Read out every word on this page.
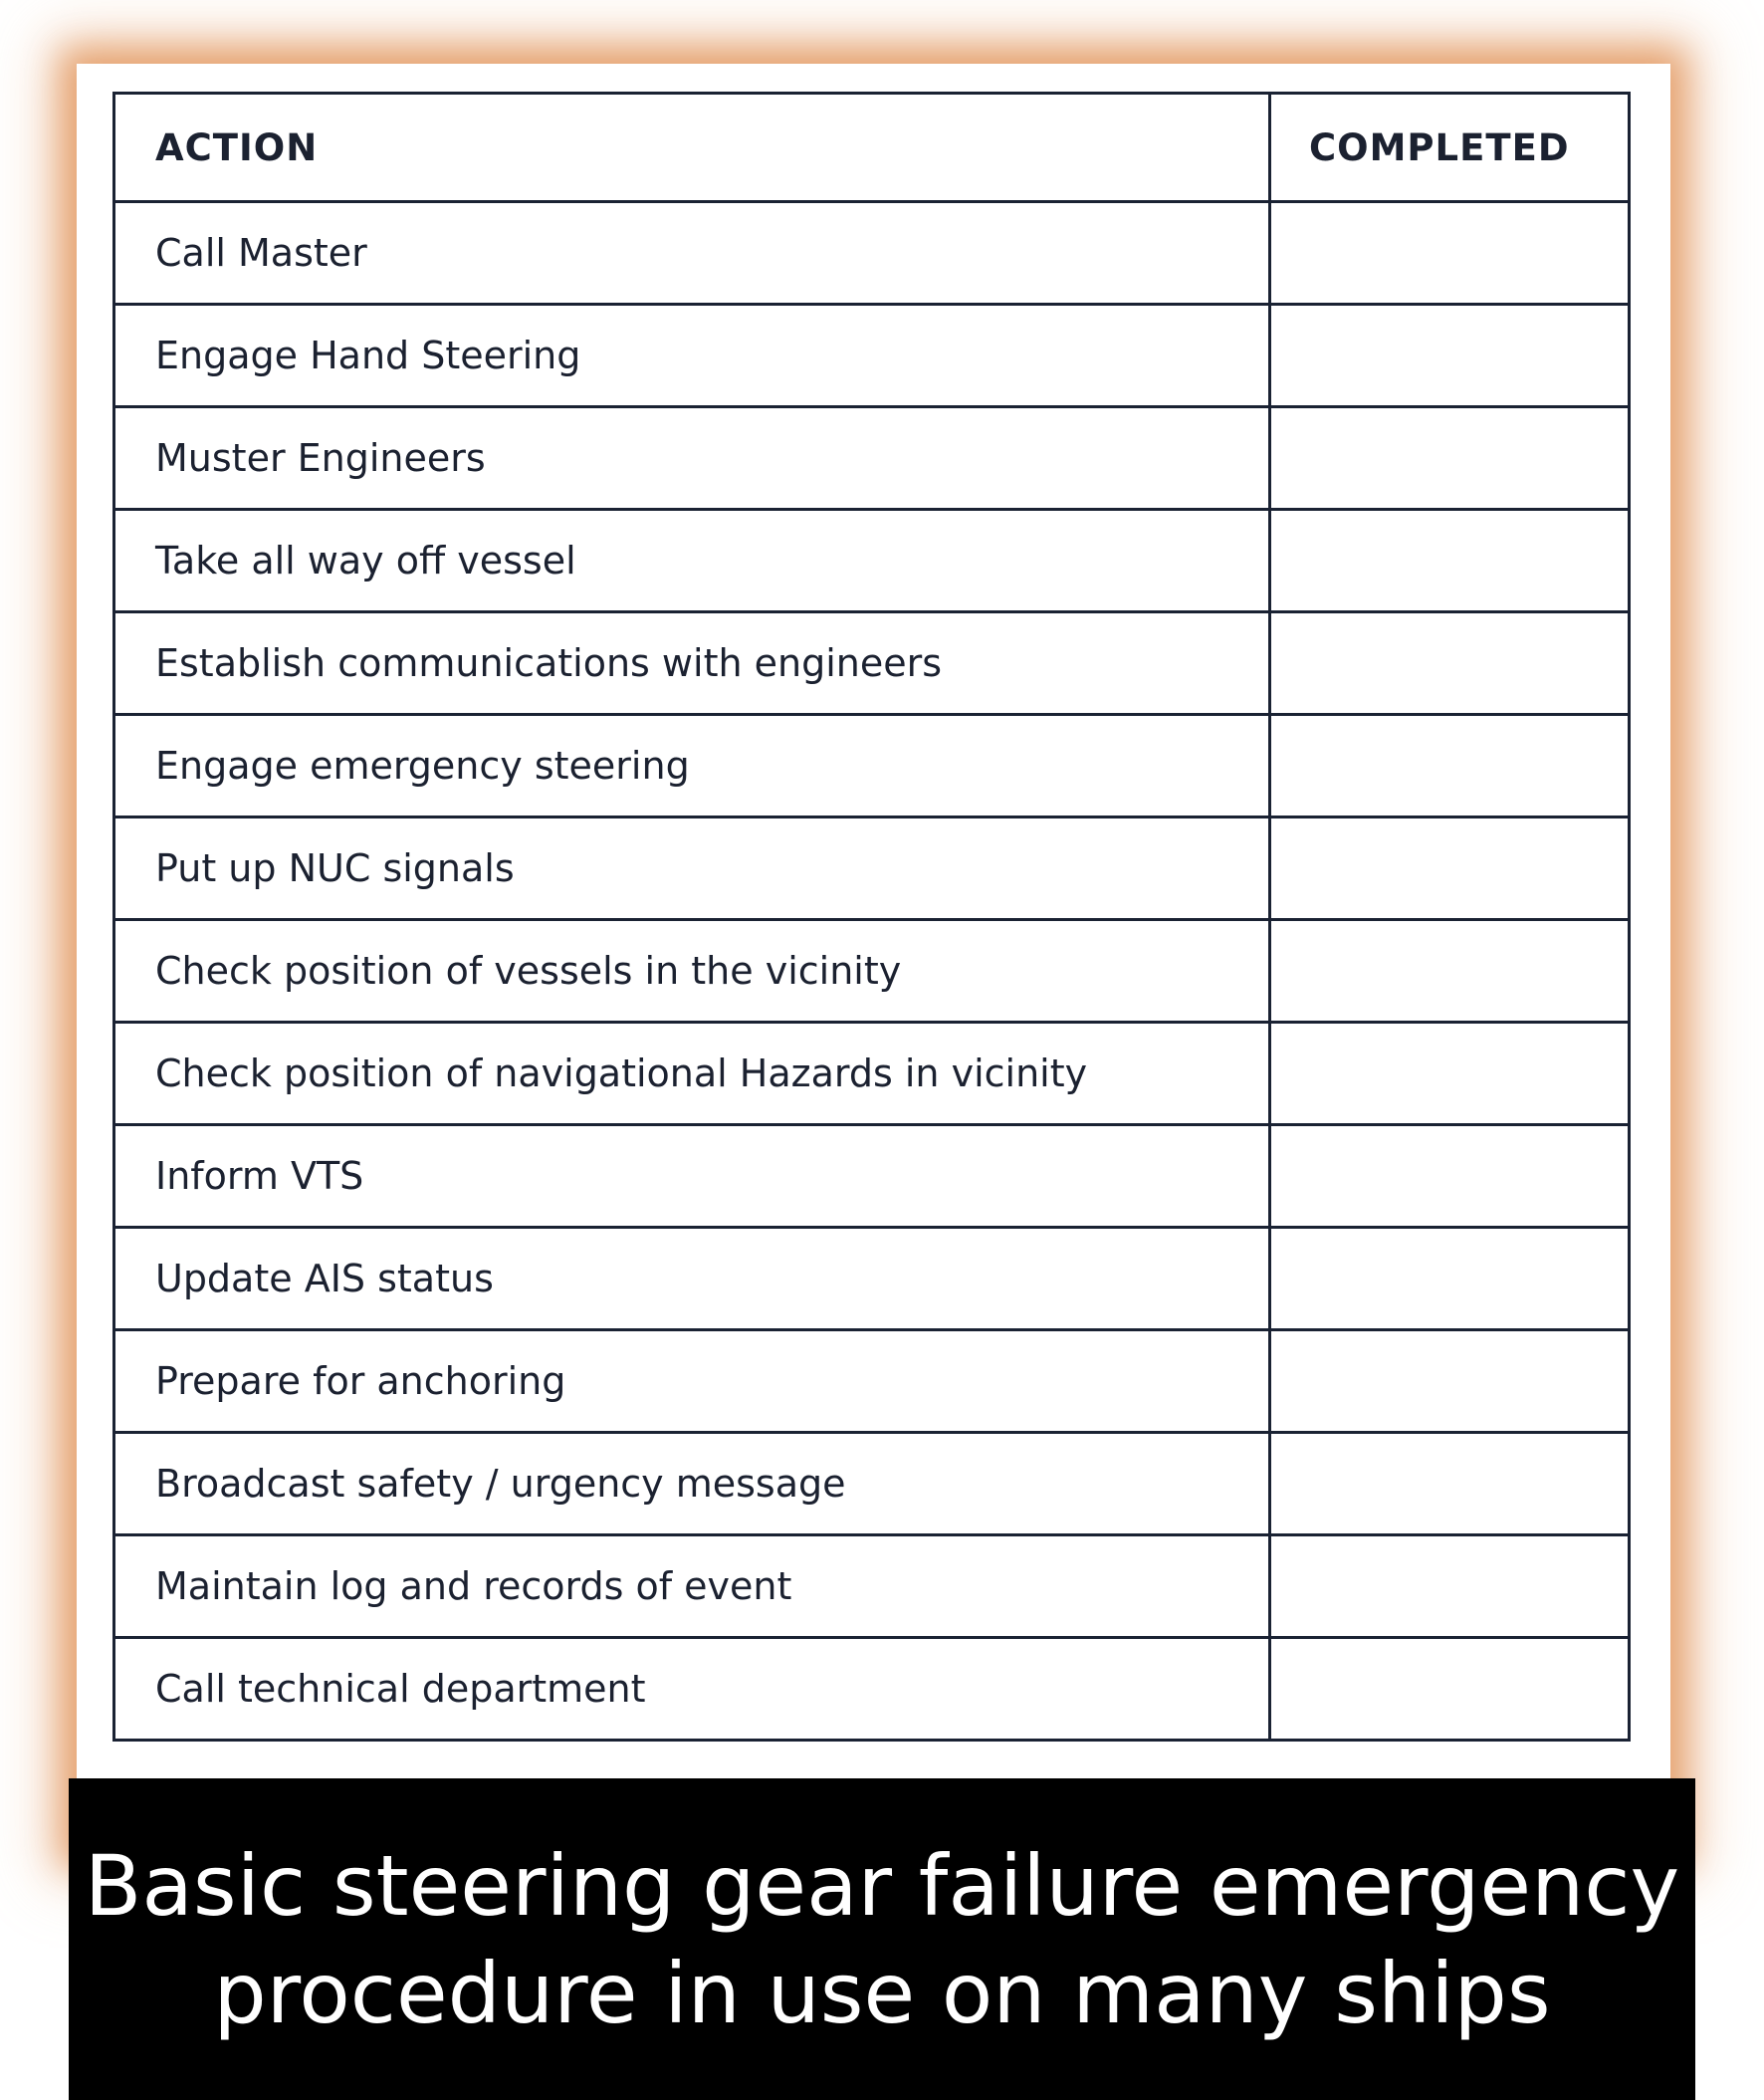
ACTION	COMPLETED
Call Master	
Engage Hand Steering	
Muster Engineers	
Take all way off vessel	
Establish communications with engineers	
Engage emergency steering	
Put up NUC signals	
Check position of vessels in the vicinity	
Check position of navigational Hazards in vicinity	
Inform VTS	
Update AIS status	
Prepare for anchoring	
Broadcast safety / urgency message	
Maintain log and records of event	
Call technical department	
Basic steering gear failure emergency
procedure in use on many ships
